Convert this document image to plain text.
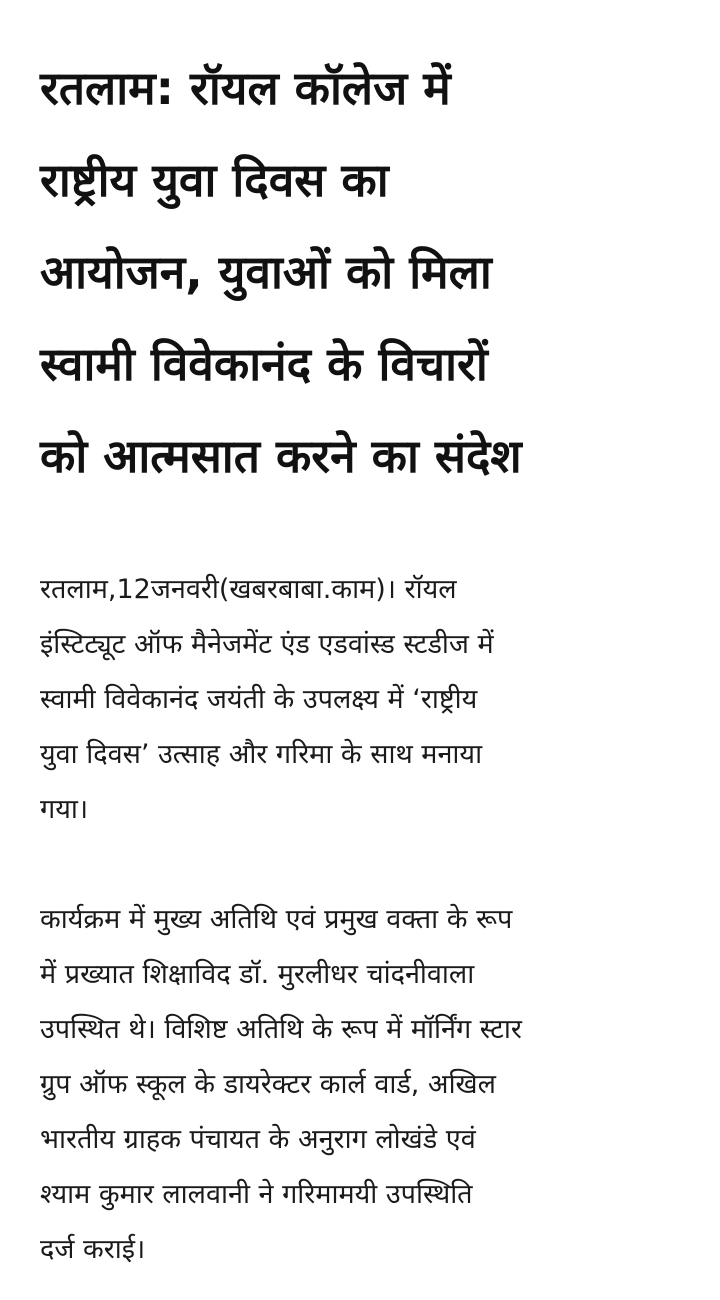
रतलाम: रॉयल कॉलेज में
राष्ट्रीय युवा दिवस का
आयोजन, युवाओं को मिला
स्वामी विवेकानंद के विचारों
को आत्मसात करने का संदेश

रतलाम,12जनवरी(खबरबाबा.काम)। रॉयल
इंस्टिट्यूट ऑफ मैनेजमेंट एंड एडवांस्ड स्टडीज में
स्वामी विवेकानंद जयंती के उपलक्ष्य में ‘राष्ट्रीय
युवा दिवस’ उत्साह और गरिमा के साथ मनाया
गया।

कार्यक्रम में मुख्य अतिथि एवं प्रमुख वक्ता के रूप
में प्रख्यात शिक्षाविद डॉ. मुरलीधर चांदनीवाला
उपस्थित थे। विशिष्ट अतिथि के रूप में मॉर्निंग स्टार
ग्रुप ऑफ स्कूल के डायरेक्टर कार्ल वार्ड, अखिल
भारतीय ग्राहक पंचायत के अनुराग लोखंडे एवं
श्याम कुमार लालवानी ने गरिमामयी उपस्थिति
दर्ज कराई।
